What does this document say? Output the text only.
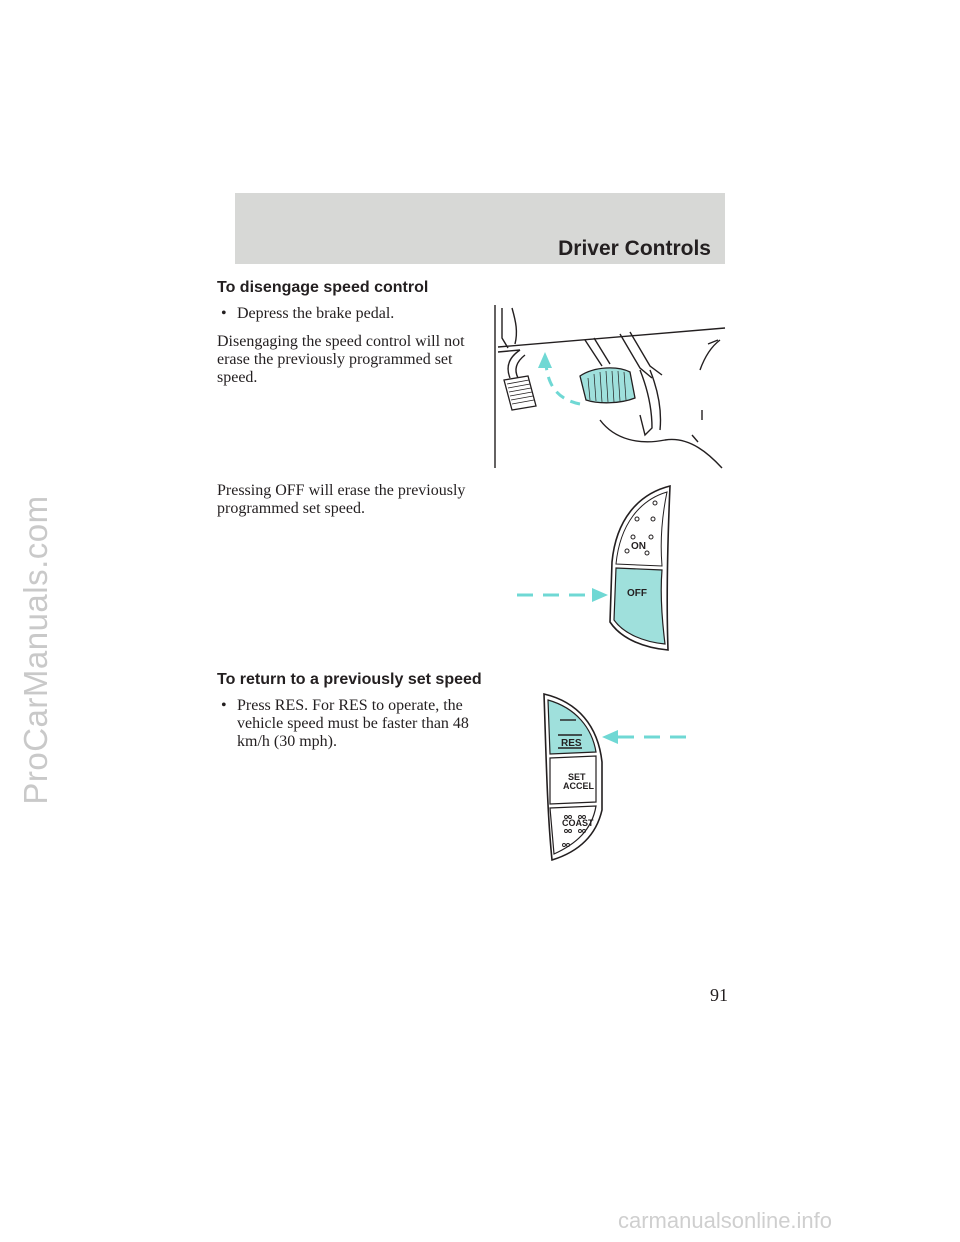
ProCarManuals.com
Driver Controls
To disengage speed control
• Depress the brake pedal.
Disengaging the speed control will not erase the previously programmed set speed.
Pressing OFF will erase the previously programmed set speed.
ON
OFF
To return to a previously set speed
• Press RES. For RES to operate, the vehicle speed must be faster than 48 km/h (30 mph).	RES
SET
ACCEL
COAST
91
carmanualsonline.info
